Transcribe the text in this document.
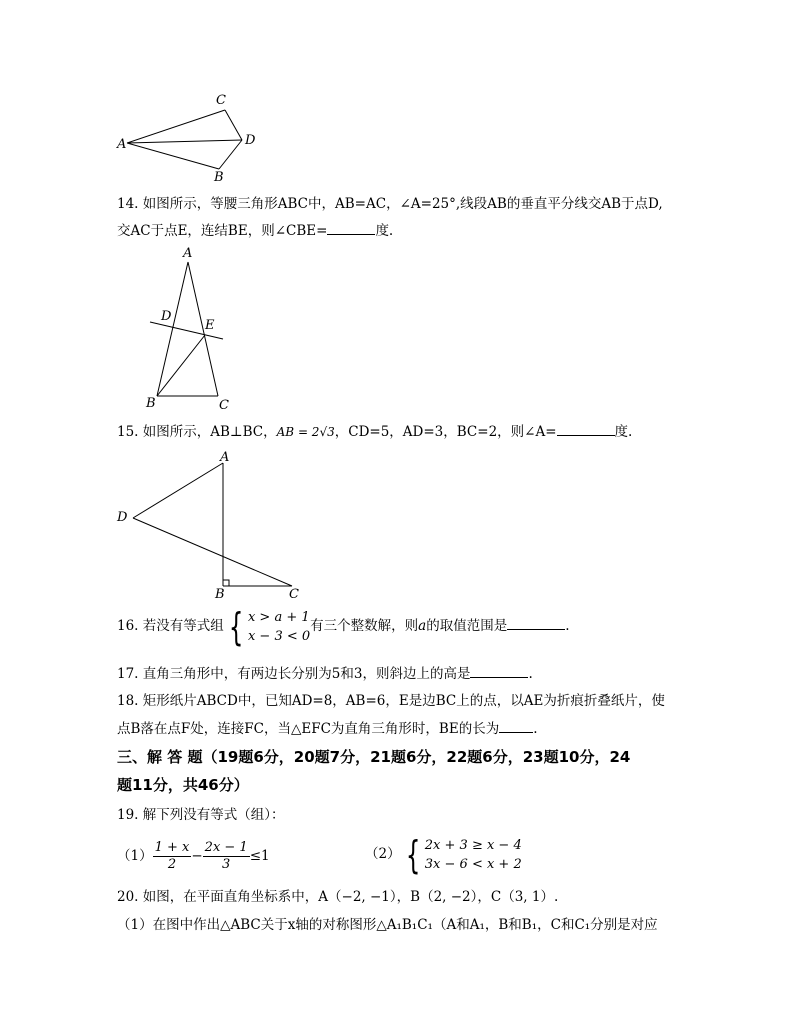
C
A	D
B
14. 如图所示，等腰三角形ABC中，AB=AC，∠A=25°,线段AB的垂直平分线交AB于点D,
交AC于点E，连结BE，则∠CBE=	度.
A
D
E
B	C
15. 如图所示，AB⊥BC，AB = 2√3，CD=5，AD=3，BC=2，则∠A=	度.
A
D
B	C
16. 若没有等式组 { x > a + 1
x − 3 < 0
有三个整数解，则a的取值范围是	.
17. 直角三角形中，有两边长分别为5和3，则斜边上的高是	.
18. 矩形纸片ABCD中，已知AD=8，AB=6，E是边BC上的点，以AE为折痕折叠纸片，使
点B落在点F处，连接FC，当△EFC为直角三角形时，BE的长为	.
三、解 答 题（19题6分，20题7分，21题6分，22题6分，23题10分，24
题11分，共46分）
19. 解下列没有等式（组）：
$(1) \frac{1 + x}{2} - \frac{2x - 1}{3} \le 1$	（2） { 2x + 3 ≥ x − 4
3x − 6 < x + 2
20. 如图，在平面直角坐标系中，A（−2, −1），B（2, −2），C（3, 1）.
（1）在图中作出△ABC关于x轴的对称图形△A₁B₁C₁（A和A₁，B和B₁，C和C₁分别是对应
